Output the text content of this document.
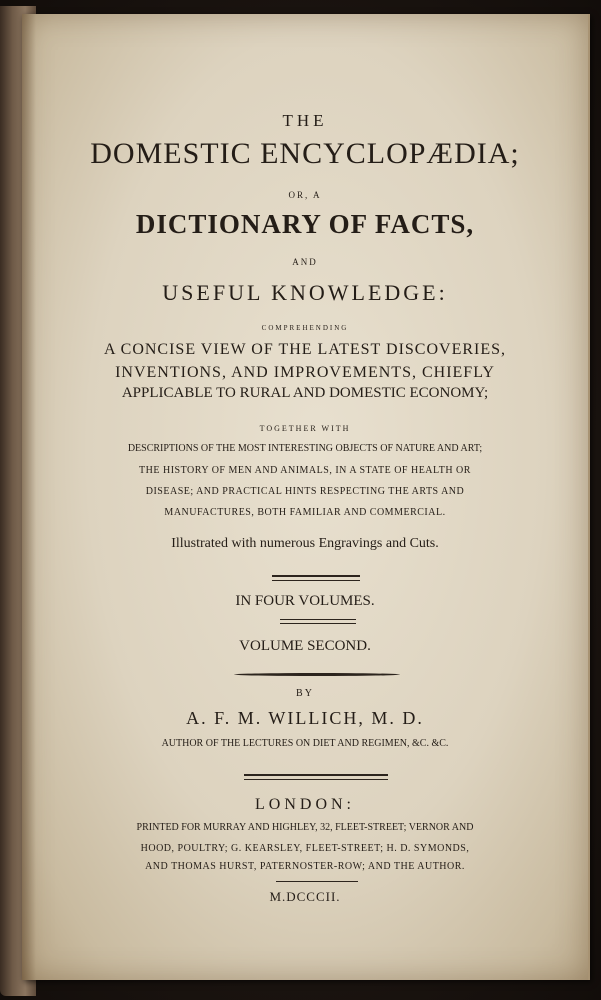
THE
DOMESTIC ENCYCLOPÆDIA;
OR, A
DICTIONARY OF FACTS,
AND
USEFUL KNOWLEDGE:
COMPREHENDING
A CONCISE VIEW OF THE LATEST DISCOVERIES,
INVENTIONS, AND IMPROVEMENTS, CHIEFLY
APPLICABLE TO RURAL AND DOMESTIC ECONOMY;
TOGETHER WITH
DESCRIPTIONS OF THE MOST INTERESTING OBJECTS OF NATURE AND ART;
THE HISTORY OF MEN AND ANIMALS, IN A STATE OF HEALTH OR
DISEASE; AND PRACTICAL HINTS RESPECTING THE ARTS AND
MANUFACTURES, BOTH FAMILIAR AND COMMERCIAL.
Illustrated with numerous Engravings and Cuts.
IN FOUR VOLUMES.
VOLUME SECOND.
BY
A. F. M. WILLICH, M. D.
AUTHOR OF THE LECTURES ON DIET AND REGIMEN, &C. &C.
LONDON:
PRINTED FOR MURRAY AND HIGHLEY, 32, FLEET-STREET; VERNOR AND
HOOD, POULTRY; G. KEARSLEY, FLEET-STREET; H. D. SYMONDS,
AND THOMAS HURST, PATERNOSTER-ROW; AND THE AUTHOR.
M.DCCCII.
